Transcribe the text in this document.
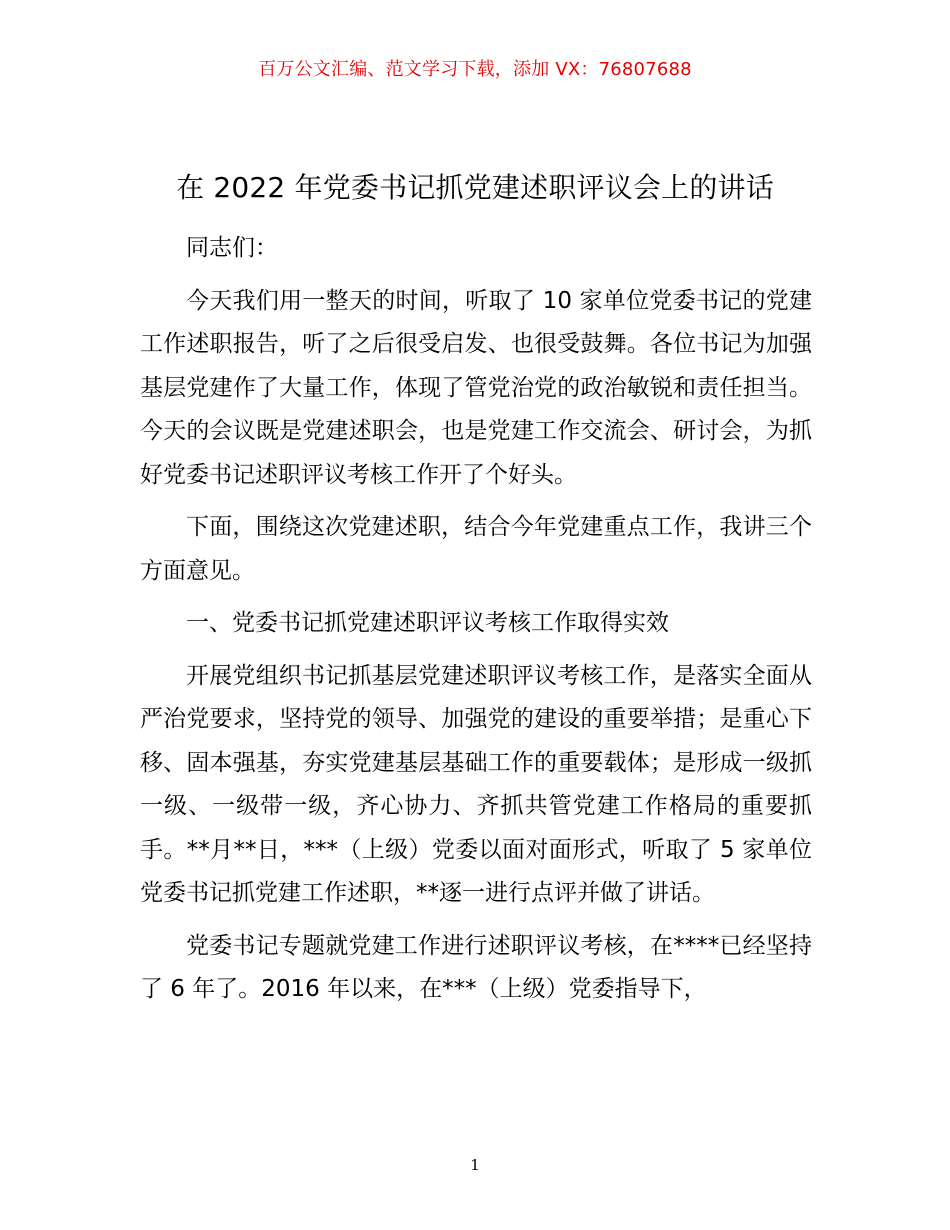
百万公文汇编、范文学习下载，添加 VX：76807688
在 2022 年党委书记抓党建述职评议会上的讲话

同志们：

今天我们用一整天的时间，听取了 10 家单位党委书记的党建工作述职报告，听了之后很受启发、也很受鼓舞。各位书记为加强基层党建作了大量工作，体现了管党治党的政治敏锐和责任担当。今天的会议既是党建述职会，也是党建工作交流会、研讨会，为抓好党委书记述职评议考核工作开了个好头。

下面，围绕这次党建述职，结合今年党建重点工作，我讲三个方面意见。

一、党委书记抓党建述职评议考核工作取得实效

开展党组织书记抓基层党建述职评议考核工作，是落实全面从严治党要求，坚持党的领导、加强党的建设的重要举措；是重心下移、固本强基，夯实党建基层基础工作的重要载体；是形成一级抓一级、一级带一级，齐心协力、齐抓共管党建工作格局的重要抓手。**月**日，***（上级）党委以面对面形式，听取了 5 家单位党委书记抓党建工作述职，**逐一进行点评并做了讲话。

党委书记专题就党建工作进行述职评议考核，在****已经坚持了 6 年了。2016 年以来，在***（上级）党委指导下，

1
